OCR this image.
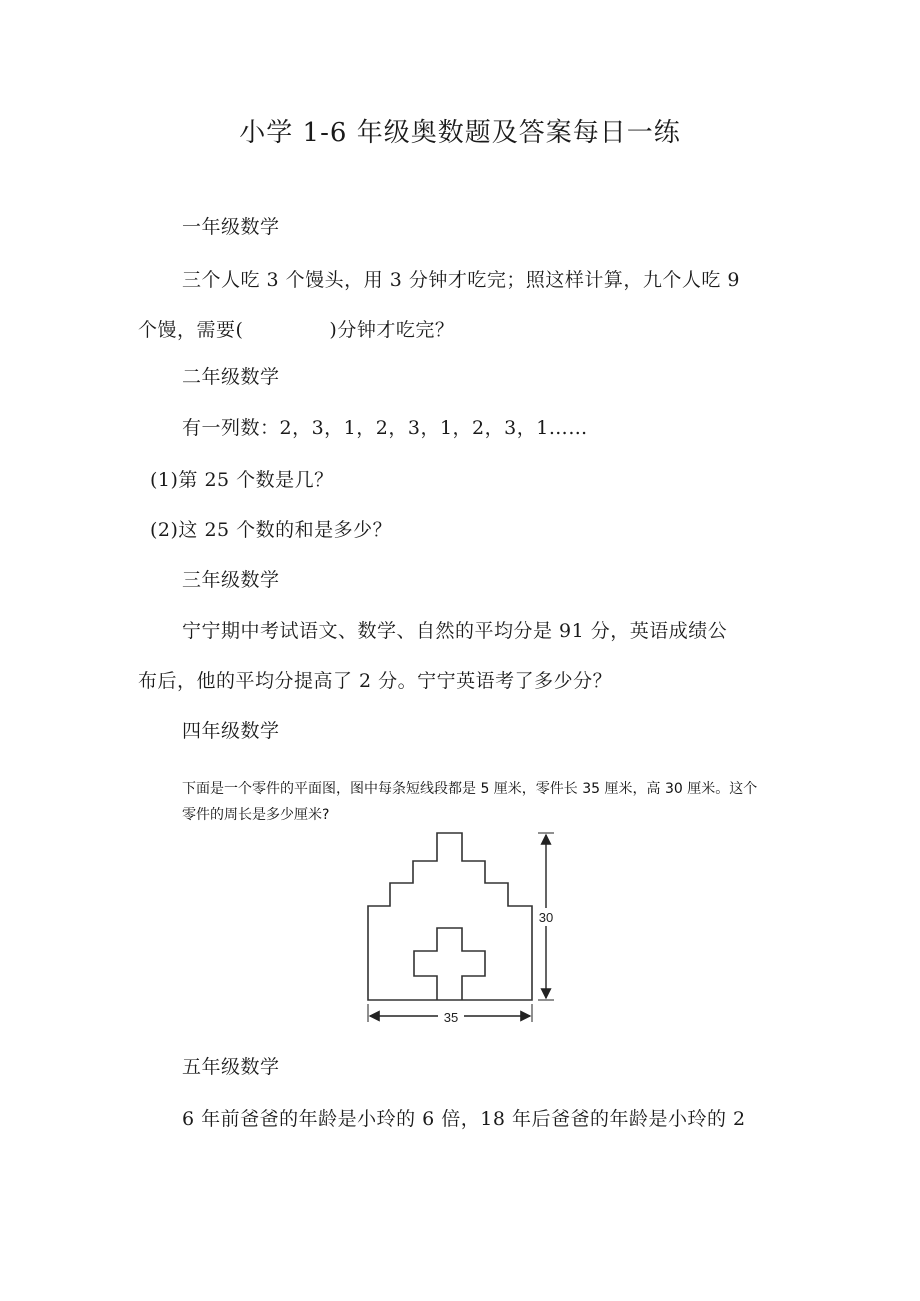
小学 1-6 年级奥数题及答案每日一练
一年级数学
三个人吃 3 个馒头，用 3 分钟才吃完；照这样计算，九个人吃 9
个馒，需要(	)分钟才吃完？
二年级数学
有一列数：2，3，1，2，3，1，2，3，1……
(1)第 25 个数是几？
(2)这 25 个数的和是多少？
三年级数学
宁宁期中考试语文、数学、自然的平均分是 91 分，英语成绩公
布后，他的平均分提高了 2 分。宁宁英语考了多少分？
四年级数学
下面是一个零件的平面图，图中每条短线段都是 5 厘米，零件长 35 厘米，高 30 厘米。这个
零件的周长是多少厘米?
30
35
五年级数学
6 年前爸爸的年龄是小玲的 6 倍，18 年后爸爸的年龄是小玲的 2
